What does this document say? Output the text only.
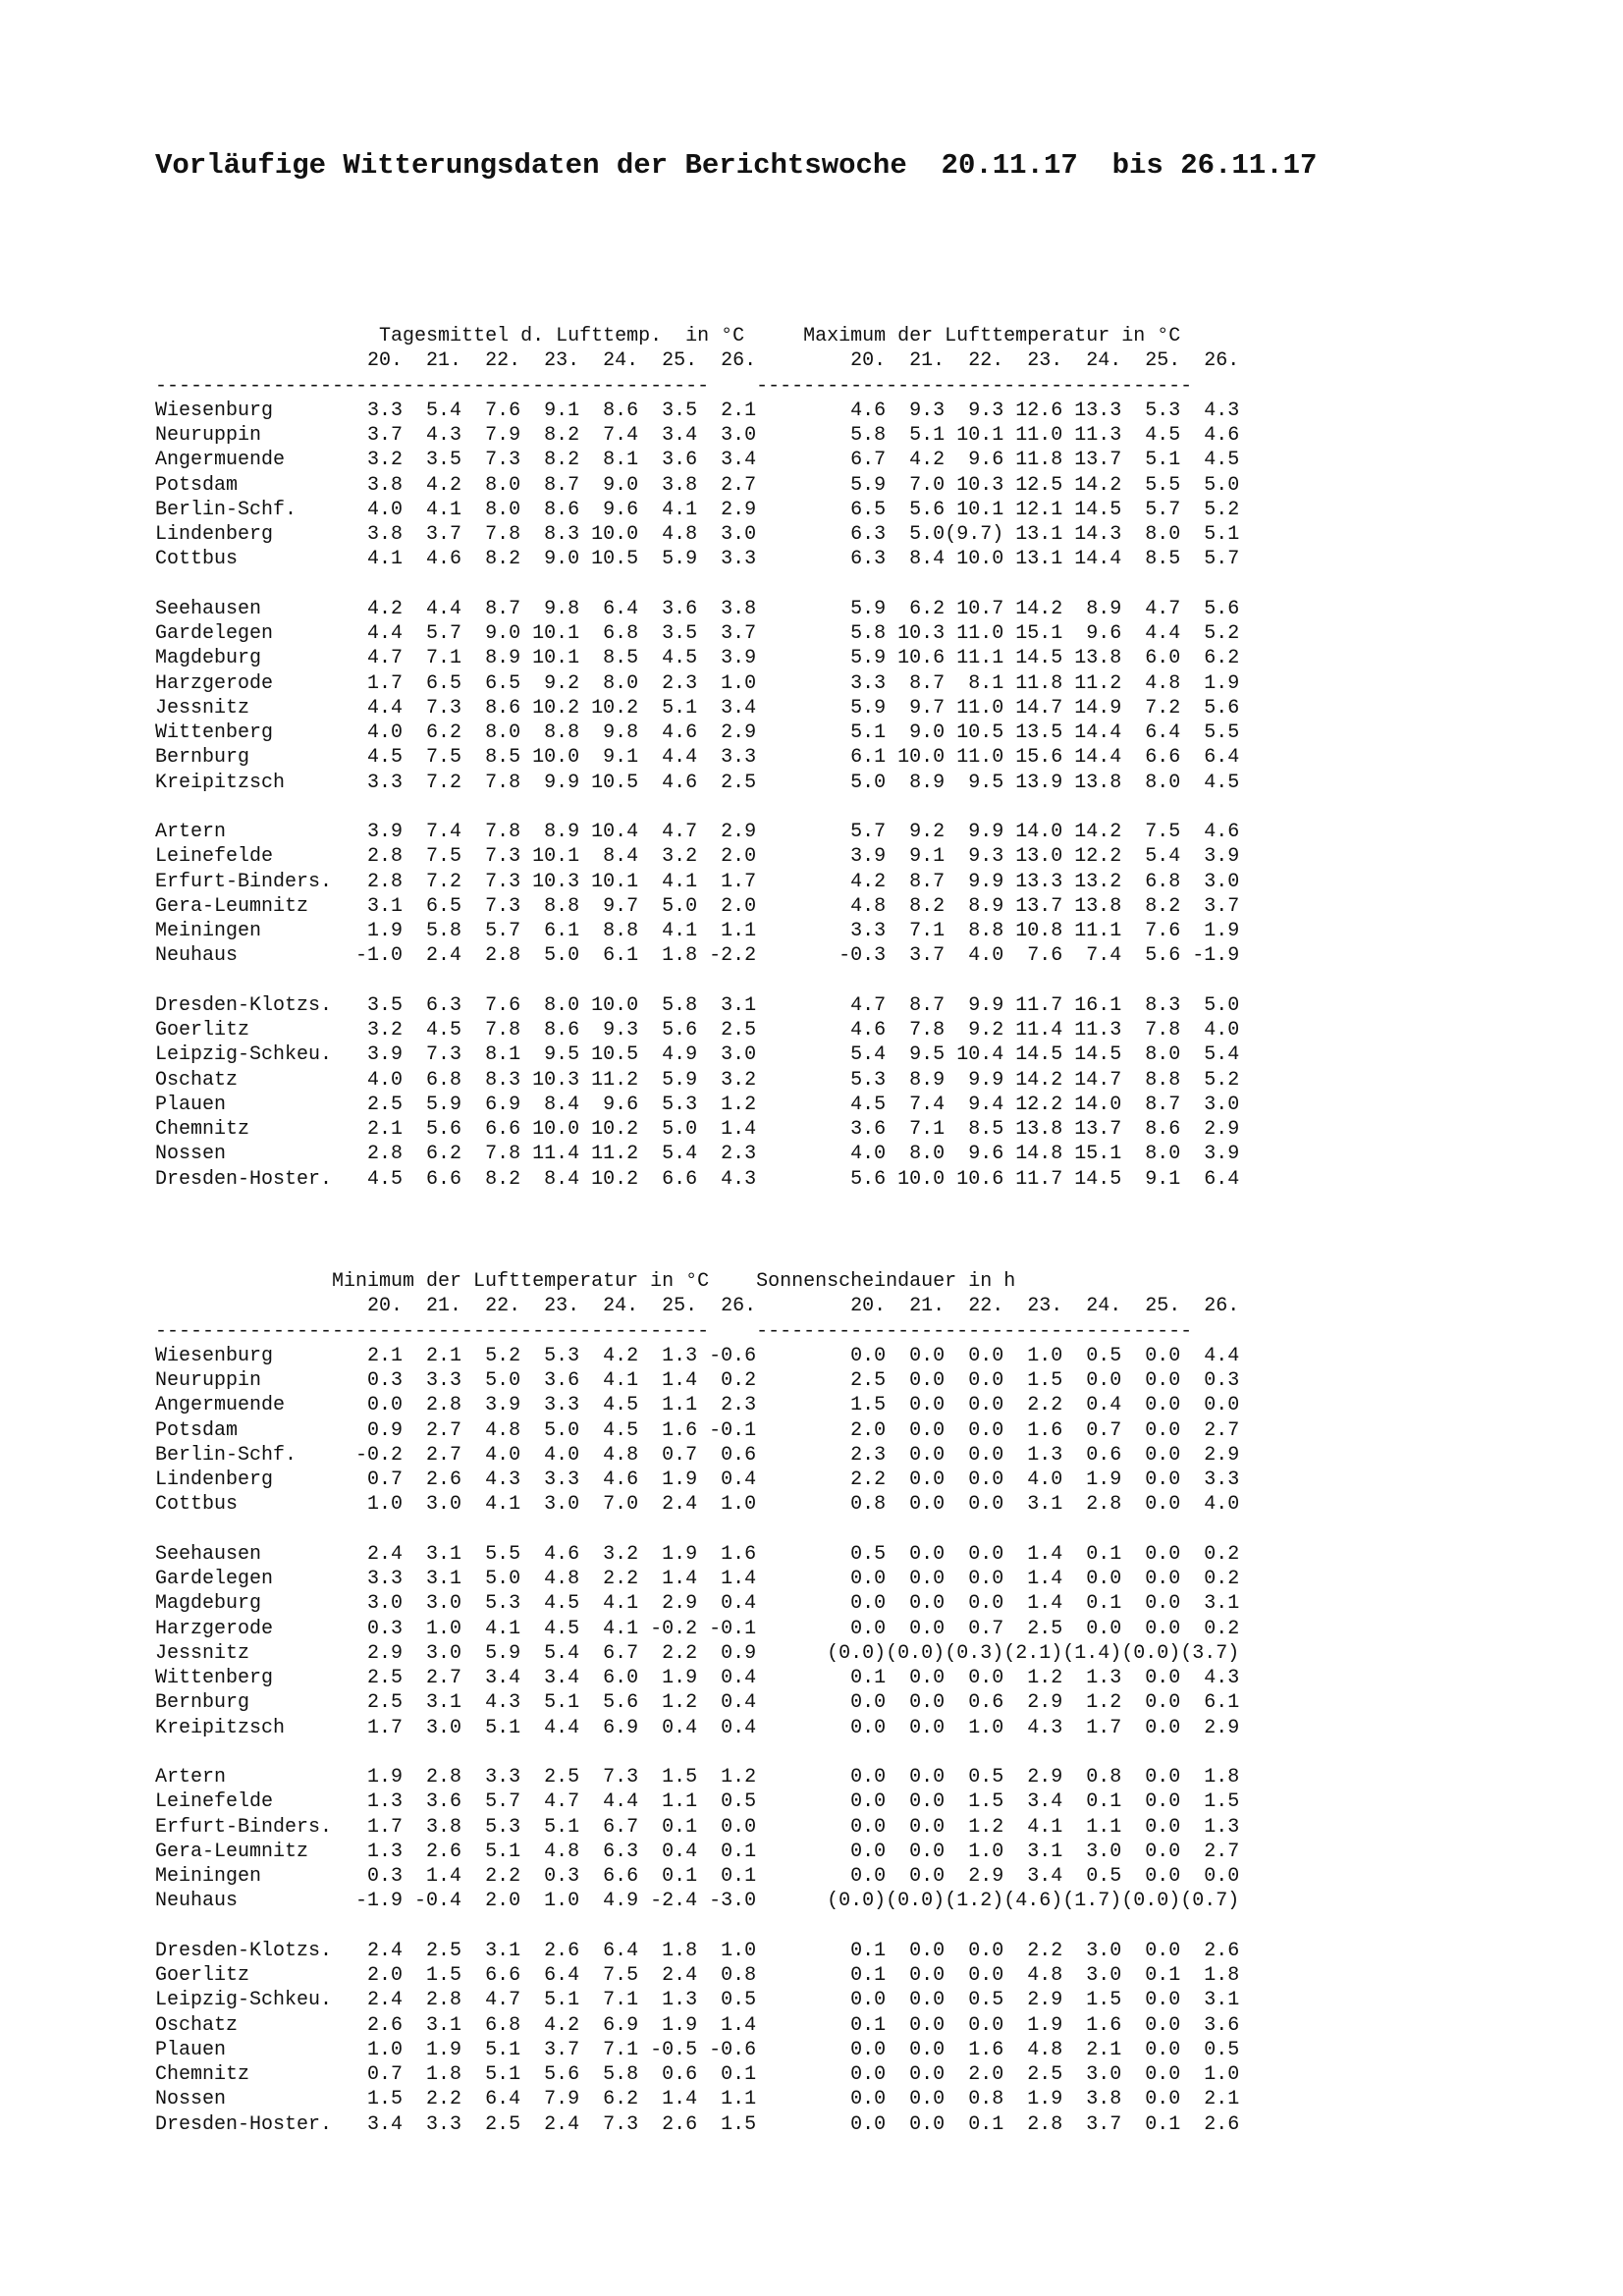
Vorläufige Witterungsdaten der Berichtswoche 20.11.17 bis 26.11.17
Tagesmittel d. Lufttemp. in °C	Maximum der Lufttemperatur in °C
20.  21.  22.  23.  24.  25.  26.	20.  21.  22.  23.  24.  25.  26.
----------------------------------------------- -------------------------------------
Wiesenburg        3.3  5.4  7.6  9.1  8.6  3.5  2.1	4.6  9.3  9.3 12.6 13.3  5.3  4.3
Neuruppin         3.7  4.3  7.9  8.2  7.4  3.4  3.0	5.8  5.1 10.1 11.0 11.3  4.5  4.6
Angermuende       3.2  3.5  7.3  8.2  8.1  3.6  3.4	6.7  4.2  9.6 11.8 13.7  5.1  4.5
Potsdam           3.8  4.2  8.0  8.7  9.0  3.8  2.7	5.9  7.0 10.3 12.5 14.2  5.5  5.0
Berlin-Schf.      4.0  4.1  8.0  8.6  9.6  4.1  2.9	6.5  5.6 10.1 12.1 14.5  5.7  5.2
Lindenberg        3.8  3.7  7.8  8.3 10.0  4.8  3.0	6.3  5.0(9.7) 13.1 14.3  8.0  5.1
Cottbus           4.1  4.6  8.2  9.0 10.5  5.9  3.3	6.3  8.4 10.0 13.1 14.4  8.5  5.7

Seehausen         4.2  4.4  8.7  9.8  6.4  3.6  3.8	5.9  6.2 10.7 14.2  8.9  4.7  5.6
Gardelegen        4.4  5.7  9.0 10.1  6.8  3.5  3.7	5.8 10.3 11.0 15.1  9.6  4.4  5.2
Magdeburg         4.7  7.1  8.9 10.1  8.5  4.5  3.9	5.9 10.6 11.1 14.5 13.8  6.0  6.2
Harzgerode        1.7  6.5  6.5  9.2  8.0  2.3  1.0	3.3  8.7  8.1 11.8 11.2  4.8  1.9
Jessnitz          4.4  7.3  8.6 10.2 10.2  5.1  3.4	5.9  9.7 11.0 14.7 14.9  7.2  5.6
Wittenberg        4.0  6.2  8.0  8.8  9.8  4.6  2.9	5.1  9.0 10.5 13.5 14.4  6.4  5.5
Bernburg          4.5  7.5  8.5 10.0  9.1  4.4  3.3	6.1 10.0 11.0 15.6 14.4  6.6  6.4
Kreipitzsch       3.3  7.2  7.8  9.9 10.5  4.6  2.5	5.0  8.9  9.5 13.9 13.8  8.0  4.5

Artern            3.9  7.4  7.8  8.9 10.4  4.7  2.9	5.7  9.2  9.9 14.0 14.2  7.5  4.6
Leinefelde        2.8  7.5  7.3 10.1  8.4  3.2  2.0	3.9  9.1  9.3 13.0 12.2  5.4  3.9
Erfurt-Binders.   2.8  7.2  7.3 10.3 10.1  4.1  1.7	4.2  8.7  9.9 13.3 13.2  6.8  3.0
Gera-Leumnitz     3.1  6.5  7.3  8.8  9.7  5.0  2.0	4.8  8.2  8.9 13.7 13.8  8.2  3.7
Meiningen         1.9  5.8  5.7  6.1  8.8  4.1  1.1	3.3  7.1  8.8 10.8 11.1  7.6  1.9
Neuhaus          -1.0  2.4  2.8  5.0  6.1  1.8 -2.2	-0.3  3.7  4.0  7.6  7.4  5.6 -1.9

Dresden-Klotzs.   3.5  6.3  7.6  8.0 10.0  5.8  3.1	4.7  8.7  9.9 11.7 16.1  8.3  5.0
Goerlitz          3.2  4.5  7.8  8.6  9.3  5.6  2.5	4.6  7.8  9.2 11.4 11.3  7.8  4.0
Leipzig-Schkeu.   3.9  7.3  8.1  9.5 10.5  4.9  3.0	5.4  9.5 10.4 14.5 14.5  8.0  5.4
Oschatz           4.0  6.8  8.3 10.3 11.2  5.9  3.2	5.3  8.9  9.9 14.2 14.7  8.8  5.2
Plauen            2.5  5.9  6.9  8.4  9.6  5.3  1.2	4.5  7.4  9.4 12.2 14.0  8.7  3.0
Chemnitz          2.1  5.6  6.6 10.0 10.2  5.0  1.4	3.6  7.1  8.5 13.8 13.7  8.6  2.9
Nossen            2.8  6.2  7.8 11.4 11.2  5.4  2.3	4.0  8.0  9.6 14.8 15.1  8.0  3.9
Dresden-Hoster.   4.5  6.6  8.2  8.4 10.2  6.6  4.3	5.6 10.0 10.6 11.7 14.5  9.1  6.4
Minimum der Lufttemperatur in °C Sonnenscheindauer in h
20.  21.  22.  23.  24.  25.  26.	20.  21.  22.  23.  24.  25.  26.
----------------------------------------------- -------------------------------------
Wiesenburg        2.1  2.1  5.2  5.3  4.2  1.3 -0.6	0.0  0.0  0.0  1.0  0.5  0.0  4.4
Neuruppin         0.3  3.3  5.0  3.6  4.1  1.4  0.2	2.5  0.0  0.0  1.5  0.0  0.0  0.3
Angermuende       0.0  2.8  3.9  3.3  4.5  1.1  2.3	1.5  0.0  0.0  2.2  0.4  0.0  0.0
Potsdam           0.9  2.7  4.8  5.0  4.5  1.6 -0.1	2.0  0.0  0.0  1.6  0.7  0.0  2.7
Berlin-Schf.     -0.2  2.7  4.0  4.0  4.8  0.7  0.6	2.3  0.0  0.0  1.3  0.6  0.0  2.9
Lindenberg        0.7  2.6  4.3  3.3  4.6  1.9  0.4	2.2  0.0  0.0  4.0  1.9  0.0  3.3
Cottbus           1.0  3.0  4.1  3.0  7.0  2.4  1.0	0.8  0.0  0.0  3.1  2.8  0.0  4.0

Seehausen         2.4  3.1  5.5  4.6  3.2  1.9  1.6	0.5  0.0  0.0  1.4  0.1  0.0  0.2
Gardelegen        3.3  3.1  5.0  4.8  2.2  1.4  1.4	0.0  0.0  0.0  1.4  0.0  0.0  0.2
Magdeburg         3.0  3.0  5.3  4.5  4.1  2.9  0.4	0.0  0.0  0.0  1.4  0.1  0.0  3.1
Harzgerode        0.3  1.0  4.1  4.5  4.1 -0.2 -0.1	0.0  0.0  0.7  2.5  0.0  0.0  0.2
Jessnitz          2.9  3.0  5.9  5.4  6.7  2.2  0.9	(0.0)(0.0)(0.3)(2.1)(1.4)(0.0)(3.7)
Wittenberg        2.5  2.7  3.4  3.4  6.0  1.9  0.4	0.1  0.0  0.0  1.2  1.3  0.0  4.3
Bernburg          2.5  3.1  4.3  5.1  5.6  1.2  0.4	0.0  0.0  0.6  2.9  1.2  0.0  6.1
Kreipitzsch       1.7  3.0  5.1  4.4  6.9  0.4  0.4	0.0  0.0  1.0  4.3  1.7  0.0  2.9

Artern            1.9  2.8  3.3  2.5  7.3  1.5  1.2	0.0  0.0  0.5  2.9  0.8  0.0  1.8
Leinefelde        1.3  3.6  5.7  4.7  4.4  1.1  0.5	0.0  0.0  1.5  3.4  0.1  0.0  1.5
Erfurt-Binders.   1.7  3.8  5.3  5.1  6.7  0.1  0.0	0.0  0.0  1.2  4.1  1.1  0.0  1.3
Gera-Leumnitz     1.3  2.6  5.1  4.8  6.3  0.4  0.1	0.0  0.0  1.0  3.1  3.0  0.0  2.7
Meiningen         0.3  1.4  2.2  0.3  6.6  0.1  0.1	0.0  0.0  2.9  3.4  0.5  0.0  0.0
Neuhaus          -1.9 -0.4  2.0  1.0  4.9 -2.4 -3.0	(0.0)(0.0)(1.2)(4.6)(1.7)(0.0)(0.7)

Dresden-Klotzs.   2.4  2.5  3.1  2.6  6.4  1.8  1.0	0.1  0.0  0.0  2.2  3.0  0.0  2.6
Goerlitz          2.0  1.5  6.6  6.4  7.5  2.4  0.8	0.1  0.0  0.0  4.8  3.0  0.1  1.8
Leipzig-Schkeu.   2.4  2.8  4.7  5.1  7.1  1.3  0.5	0.0  0.0  0.5  2.9  1.5  0.0  3.1
Oschatz           2.6  3.1  6.8  4.2  6.9  1.9  1.4	0.1  0.0  0.0  1.9  1.6  0.0  3.6
Plauen            1.0  1.9  5.1  3.7  7.1 -0.5 -0.6	0.0  0.0  1.6  4.8  2.1  0.0  0.5
Chemnitz          0.7  1.8  5.1  5.6  5.8  0.6  0.1	0.0  0.0  2.0  2.5  3.0  0.0  1.0
Nossen            1.5  2.2  6.4  7.9  6.2  1.4  1.1	0.0  0.0  0.8  1.9  3.8  0.0  2.1
Dresden-Hoster.   3.4  3.3  2.5  2.4  7.3  2.6  1.5	0.0  0.0  0.1  2.8  3.7  0.1  2.6
